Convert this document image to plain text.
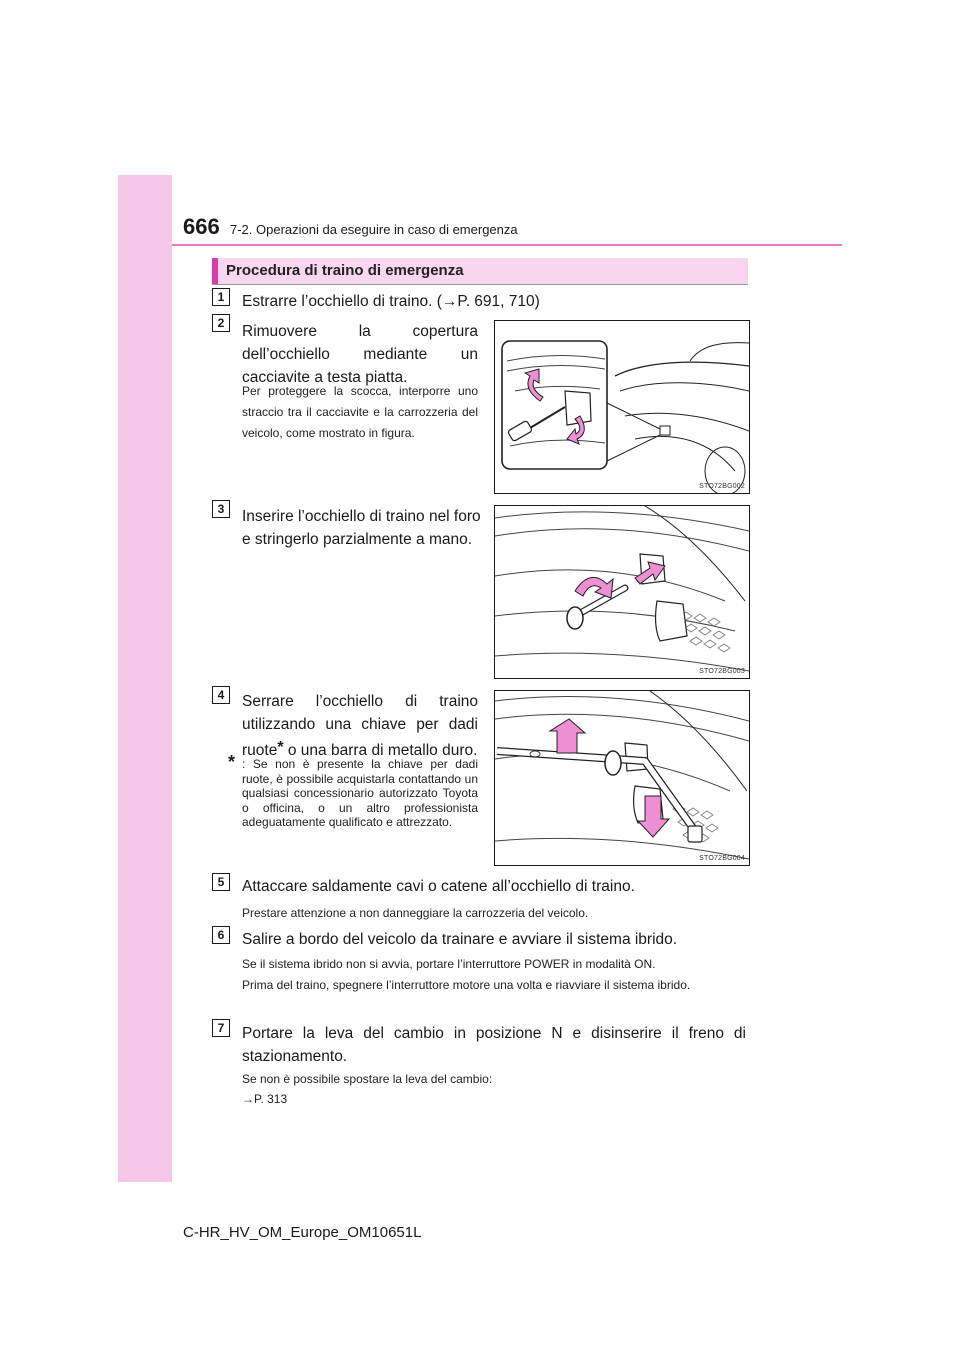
666 7-2. Operazioni da eseguire in caso di emergenza
Procedura di traino di emergenza
1	Estrarre l’occhiello di traino. (→P. 691, 710)
2	Rimuovere la copertura
dell’occhiello mediante un
cacciavite a testa piatta.
Per proteggere la scocca, interporre uno straccio tra il cacciavite e la carrozzeria del veicolo, come mostrato in figura.
STO72BG002
3	Inserire l’occhiello di traino nel foro
e stringerlo parzialmente a mano.
STO72BG003
4	Serrare l’occhiello di traino
utilizzando una chiave per dadi
ruote* o una barra di metallo duro.
* : Se non è presente la chiave per dadi ruote, è possibile acquistarla contattando un qualsiasi concessionario autorizzato Toyota o officina, o un altro professionista adeguatamente qualificato e attrezzato.
STO72BG004
5	Attaccare saldamente cavi o catene all’occhiello di traino.
Prestare attenzione a non danneggiare la carrozzeria del veicolo.
6	Salire a bordo del veicolo da trainare e avviare il sistema ibrido.
Se il sistema ibrido non si avvia, portare l’interruttore POWER in modalità ON.
Prima del traino, spegnere l’interruttore motore una volta e riavviare il sistema ibrido.
7	Portare la leva del cambio in posizione N e disinserire il freno di stazionamento.
Se non è possibile spostare la leva del cambio:
→P. 313
C-HR_HV_OM_Europe_OM10651L
